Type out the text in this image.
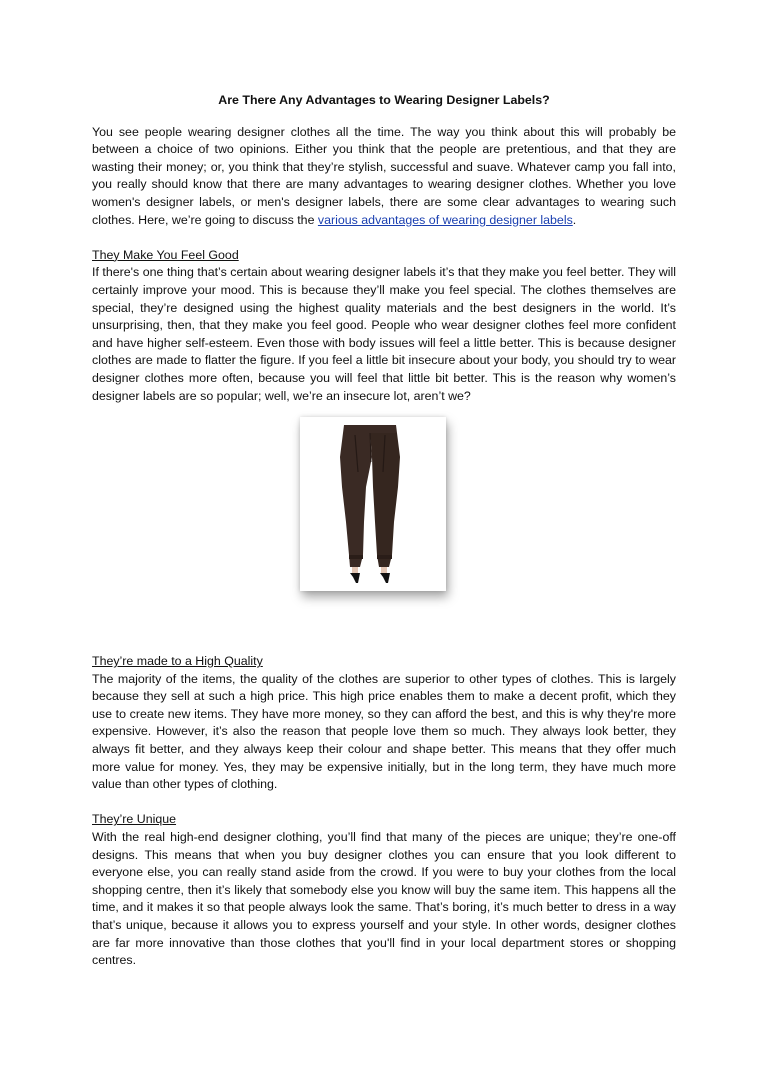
Are There Any Advantages to Wearing Designer Labels?

You see people wearing designer clothes all the time. The way you think about this will probably be between a choice of two opinions. Either you think that the people are pretentious, and that they are wasting their money; or, you think that they’re stylish, successful and suave. Whatever camp you fall into, you really should know that there are many advantages to wearing designer clothes. Whether you love women's designer labels, or men's designer labels, there are some clear advantages to wearing such clothes. Here, we’re going to discuss the various advantages of wearing designer labels.

They Make You Feel Good

If there's one thing that’s certain about wearing designer labels it’s that they make you feel better. They will certainly improve your mood. This is because they’ll make you feel special. The clothes themselves are special, they’re designed using the highest quality materials and the best designers in the world. It’s unsurprising, then, that they make you feel good. People who wear designer clothes feel more confident and have higher self-esteem. Even those with body issues will feel a little better. This is because designer clothes are made to flatter the figure. If you feel a little bit insecure about your body, you should try to wear designer clothes more often, because you will feel that little bit better. This is the reason why women’s designer labels are so popular; well, we’re an insecure lot, aren’t we?

They’re made to a High Quality

The majority of the items, the quality of the clothes are superior to other types of clothes. This is largely because they sell at such a high price. This high price enables them to make a decent profit, which they use to create new items. They have more money, so they can afford the best, and this is why they're more expensive. However, it’s also the reason that people love them so much. They always look better, they always fit better, and they always keep their colour and shape better. This means that they offer much more value for money. Yes, they may be expensive initially, but in the long term, they have much more value than other types of clothing.

They’re Unique

With the real high-end designer clothing, you’ll find that many of the pieces are unique; they’re one-off designs. This means that when you buy designer clothes you can ensure that you look different to everyone else, you can really stand aside from the crowd. If you were to buy your clothes from the local shopping centre, then it’s likely that somebody else you know will buy the same item. This happens all the time, and it makes it so that people always look the same. That’s boring, it’s much better to dress in a way that’s unique, because it allows you to express yourself and your style. In other words, designer clothes are far more innovative than those clothes that you'll find in your local department stores or shopping centres.
